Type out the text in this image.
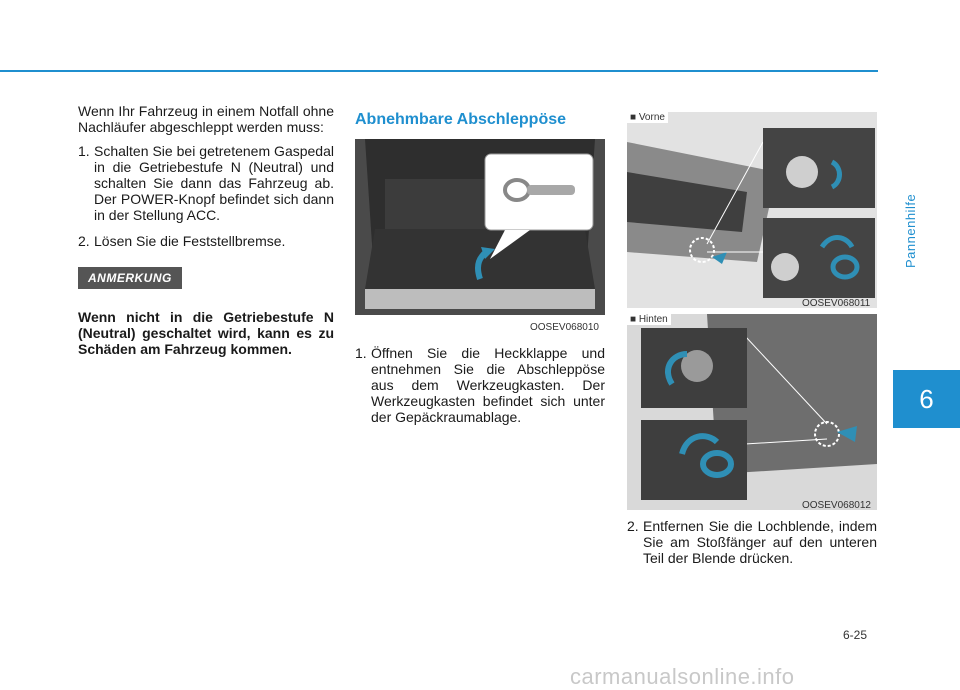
Pannenhilfe
6

Wenn Ihr Fahrzeug in einem Notfall ohne Nachläufer abgeschleppt werden muss:

1. Schalten Sie bei getretenem Gaspedal in die Getriebestufe N (Neutral) und schalten Sie dann das Fahrzeug ab. Der POWER-Knopf befindet sich dann in der Stellung ACC.
2. Lösen Sie die Feststellbremse.
ANMERKUNG

Wenn nicht in die Getriebestufe N (Neutral) geschaltet wird, kann es zu Schäden am Fahrzeug kommen.

Abnehmbare Abschleppöse
OOSEV068010
1. Öffnen Sie die Heckklappe und entnehmen Sie die Abschleppöse aus dem Werkzeugkasten. Der Werkzeugkasten befindet sich unter der Gepäckraumablage.
■ Vorne
OOSEV068011
■ Hinten
OOSEV068012
2. Entfernen Sie die Lochblende, indem Sie am Stoßfänger auf den unteren Teil der Blende drücken.
6-25
carmanualsonline.info
